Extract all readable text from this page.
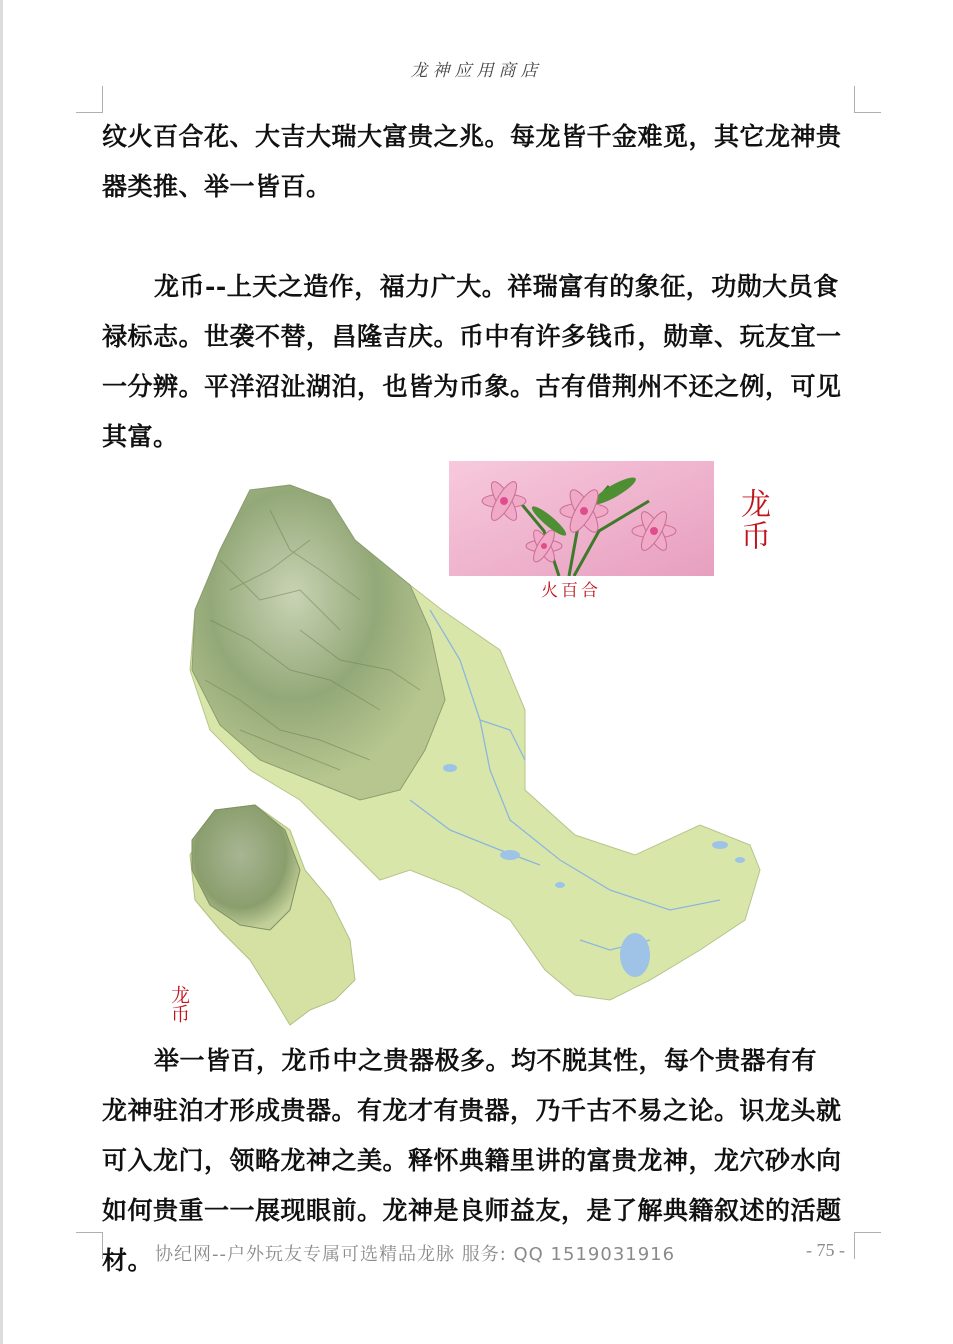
龙神应用商店

纹火百合花、大吉大瑞大富贵之兆。每龙皆千金难觅，其它龙神贵器类推、举一皆百。

龙币--上天之造作，福力广大。祥瑞富有的象征，功勋大员食禄标志。世袭不替，昌隆吉庆。币中有许多钱币，勋章、玩友宜一一分辨。平洋沼沚湖泊，也皆为币象。古有借荆州不还之例，可见其富。

火百合
龙币
龙币

举一皆百，龙币中之贵器极多。均不脱其性，每个贵器有有龙神驻泊才形成贵器。有龙才有贵器，乃千古不易之论。识龙头就可入龙门，领略龙神之美。释怀典籍里讲的富贵龙神，龙穴砂水向如何贵重一一展现眼前。龙神是良师益友，是了解典籍叙述的活题材。 协纪网--户外玩友专属可选精品龙脉 服务: QQ 1519031916	- 75 -
